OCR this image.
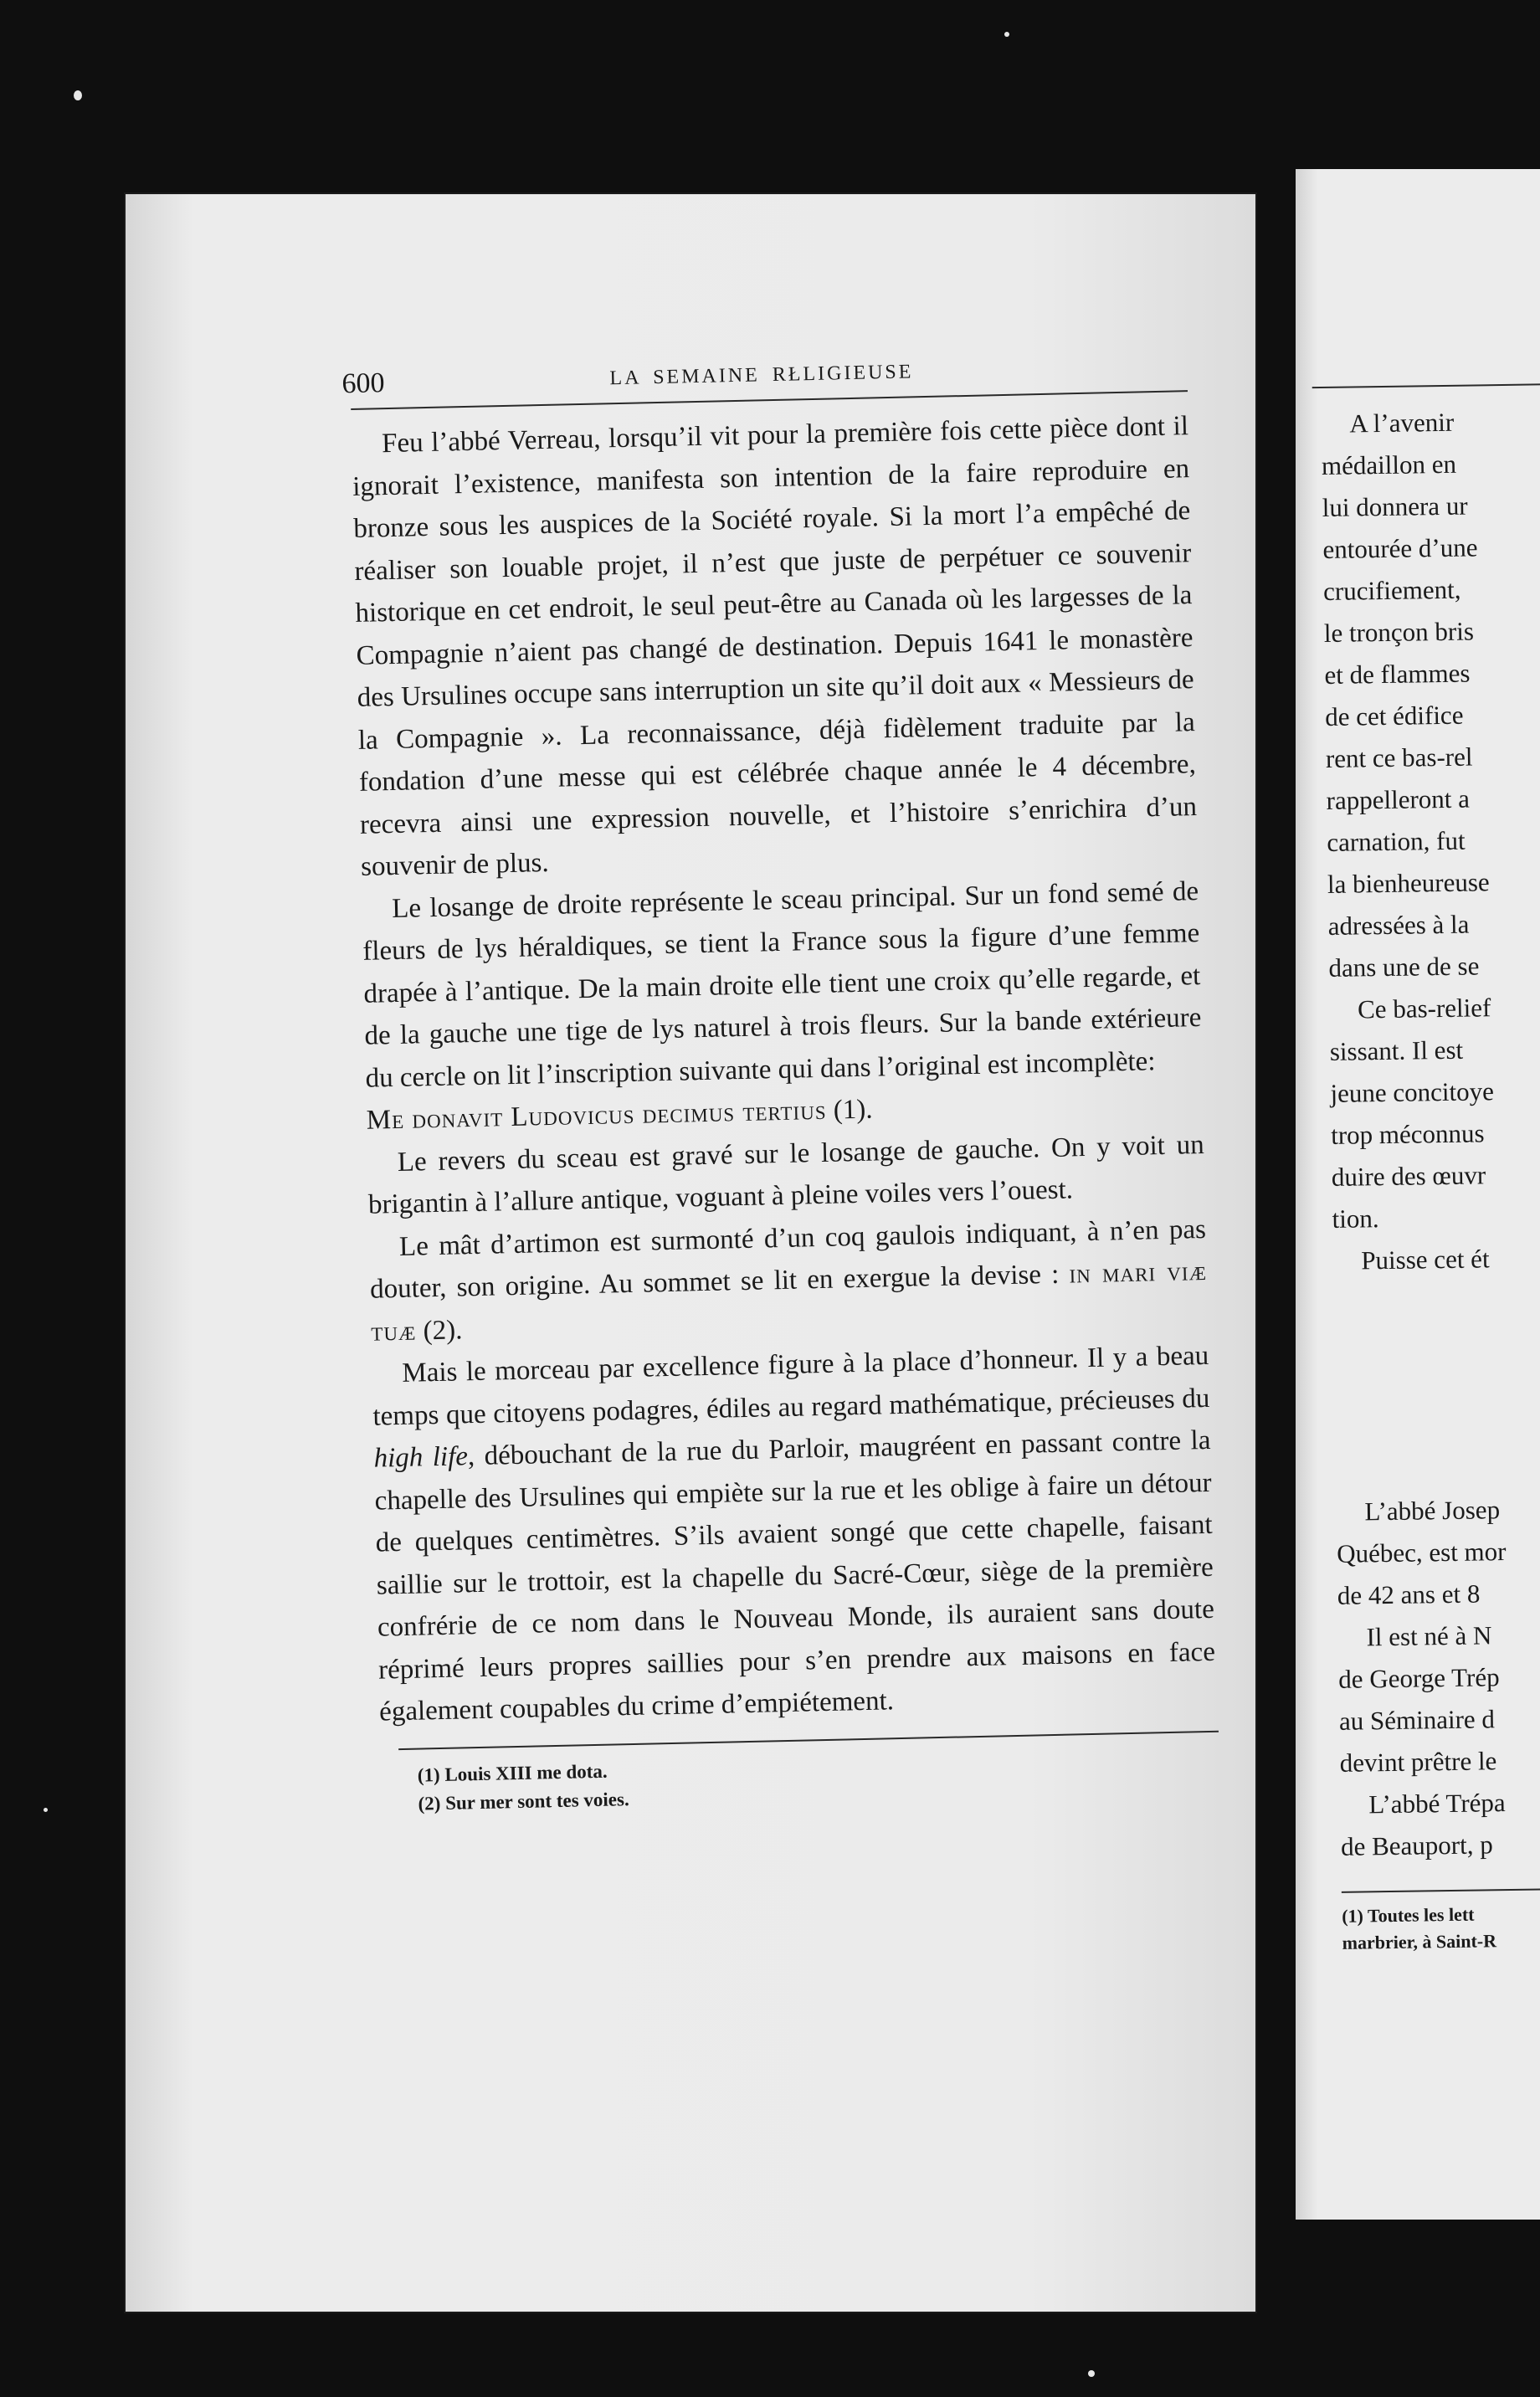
600	LA SEMAINE RŁLIGIEUSE

Feu l’abbé Verreau, lorsqu’il vit pour la première fois cette pièce dont il ignorait l’existence, manifesta son intention de la faire reproduire en bronze sous les auspices de la Société royale. Si la mort l’a empêché de réaliser son louable projet, il n’est que juste de perpétuer ce souvenir historique en cet endroit, le seul peut-être au Canada où les largesses de la Compagnie n’aient pas changé de destination. Depuis 1641 le monastère des Ursulines occupe sans interruption un site qu’il doit aux « Messieurs de la Compagnie ». La reconnaissance, déjà fidèlement traduite par la fondation d’une messe qui est célébrée chaque année le 4 décembre, recevra ainsi une expression nouvelle, et l’histoire s’enrichira d’un souvenir de plus.

Le losange de droite représente le sceau principal. Sur un fond semé de fleurs de lys héraldiques, se tient la France sous la figure d’une femme drapée à l’antique. De la main droite elle tient une croix qu’elle regarde, et de la gauche une tige de lys naturel à trois fleurs. Sur la bande extérieure du cercle on lit l’inscription suivante qui dans l’original est incomplète:

Me donavit Ludovicus decimus tertius (1).

Le revers du sceau est gravé sur le losange de gauche. On y voit un brigantin à l’allure antique, voguant à pleine voiles vers l’ouest.

Le mât d’artimon est surmonté d’un coq gaulois indiquant, à n’en pas douter, son origine. Au sommet se lit en exergue la devise : in mari viæ tuæ (2).

Mais le morceau par excellence figure à la place d’honneur. Il y a beau temps que citoyens podagres, édiles au regard mathématique, précieuses du high life, débouchant de la rue du Parloir, maugréent en passant contre la chapelle des Ursulines qui empiète sur la rue et les oblige à faire un détour de quelques centimètres. S’ils avaient songé que cette chapelle, faisant saillie sur le trottoir, est la chapelle du Sacré-Cœur, siège de la première confrérie de ce nom dans le Nouveau Monde, ils auraient sans doute réprimé leurs propres saillies pour s’en prendre aux maisons en face également coupables du crime d’empiétement.

(1) Louis XIII me dota.
(2) Sur mer sont tes voies.
A l’avenir
médaillon en
lui donnera ur
entourée d’une
crucifiement,
le tronçon bris
et de flammes
de cet édifice
rent ce bas-rel
rappelleront a
carnation, fut
la bienheureuse
adressées à la
dans une de se
Ce bas-relief
sissant. Il est
jeune concitoye
trop méconnus
duire des œuvr
tion.
Puisse cet ét
L’abbé Josep
Québec, est mor
de 42 ans et 8
Il est né à N
de George Trép
au Séminaire d
devint prêtre le
L’abbé Trépa
de Beauport, p
(1) Toutes les lett
marbrier, à Saint-R
